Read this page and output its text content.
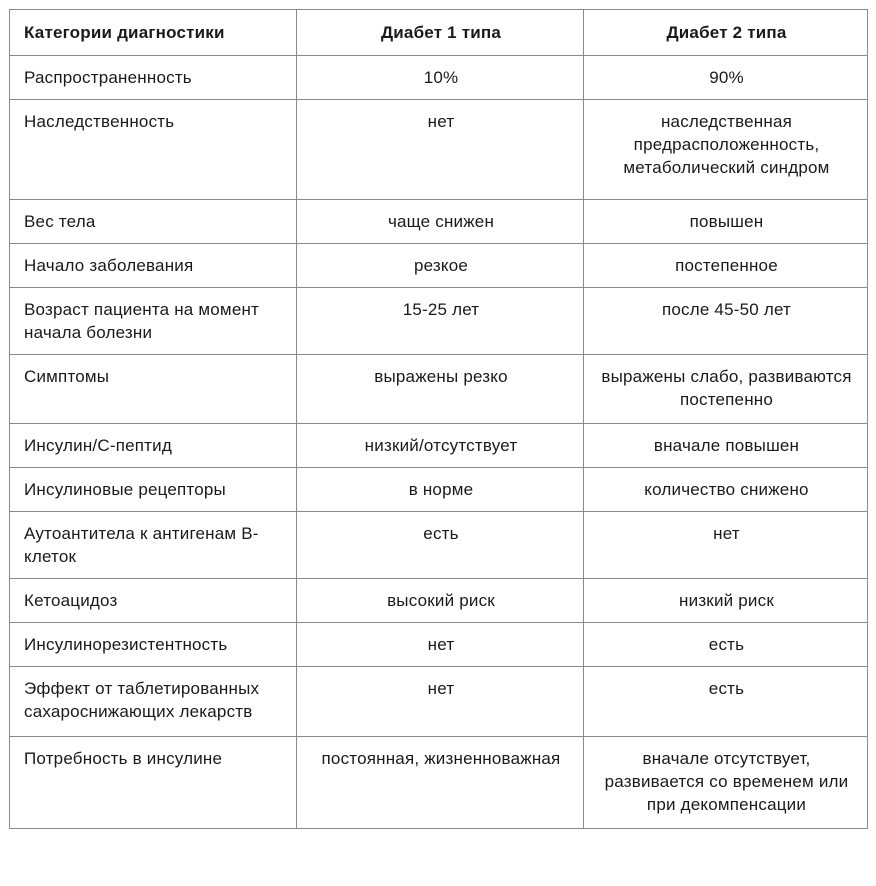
Категории диагностики	Диабет 1 типа	Диабет 2 типа
Распространенность	10%	90%
Наследственность	нет	наследственная предрасположенность, метаболический синдром
Вес тела	чаще снижен	повышен
Начало заболевания	резкое	постепенное
Возраст пациента на момент начала болезни	15-25 лет	после 45-50 лет
Симптомы	выражены резко	выражены слабо, развиваются постепенно
Инсулин/С-пептид	низкий/отсутствует	вначале повышен
Инсулиновые рецепторы	в норме	количество снижено
Аутоантитела к антигенам В-клеток	есть	нет
Кетоацидоз	высокий риск	низкий риск
Инсулинорезистентность	нет	есть
Эффект от таблетированных сахароснижающих лекарств	нет	есть
Потребность в инсулине	постоянная, жизненноважная	вначале отсутствует, развивается со временем или при декомпенсации
